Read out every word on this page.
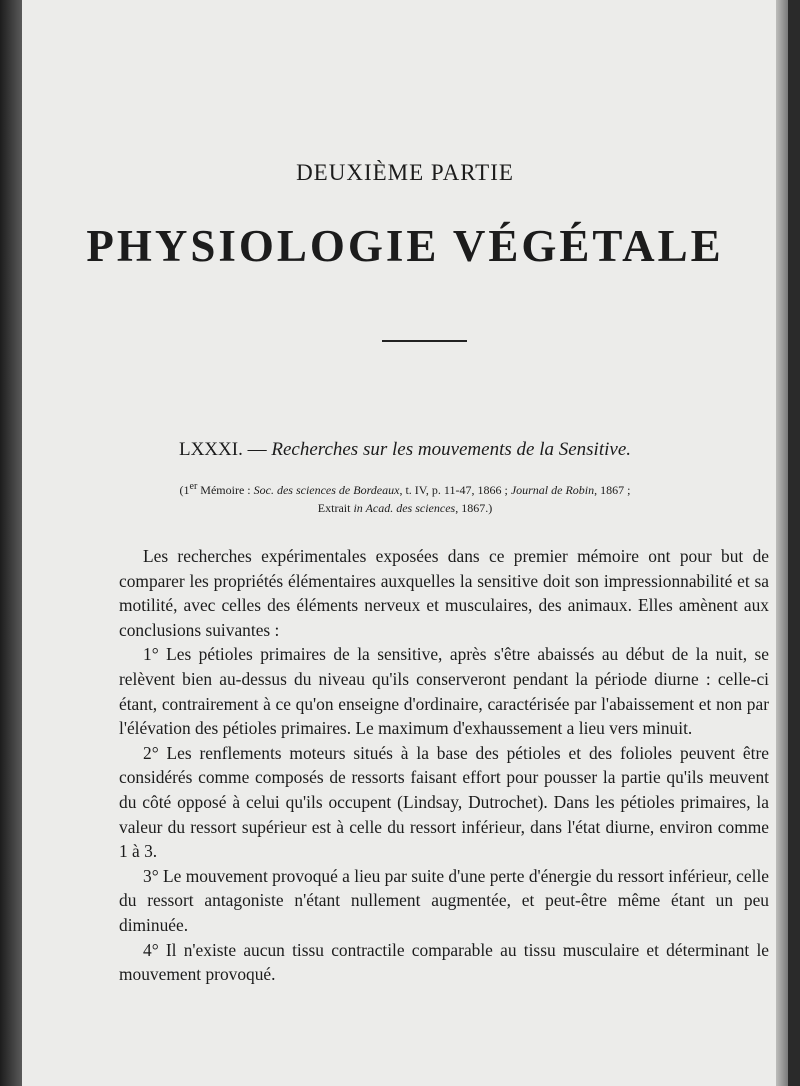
DEUXIÈME PARTIE
PHYSIOLOGIE VÉGÉTALE
LXXXI. — Recherches sur les mouvements de la Sensitive.
(1er Mémoire : Soc. des sciences de Bordeaux, t. IV, p. 11-47, 1866 ; Journal de Robin, 1867 ;
Extrait in Acad. des sciences, 1867.)

Les recherches expérimentales exposées dans ce premier mémoire ont pour but de comparer les propriétés élémentaires auxquelles la sensitive doit son impressionnabilité et sa motilité, avec celles des éléments nerveux et musculaires, des animaux. Elles amènent aux conclusions suivantes :

1° Les pétioles primaires de la sensitive, après s'être abaissés au début de la nuit, se relèvent bien au-dessus du niveau qu'ils conserveront pendant la période diurne : celle-ci étant, contrairement à ce qu'on enseigne d'ordinaire, caractérisée par l'abaissement et non par l'élévation des pétioles primaires. Le maximum d'exhaussement a lieu vers minuit.

2° Les renflements moteurs situés à la base des pétioles et des folioles peuvent être considérés comme composés de ressorts faisant effort pour pousser la partie qu'ils meuvent du côté opposé à celui qu'ils occupent (Lindsay, Dutrochet). Dans les pétioles primaires, la valeur du ressort supérieur est à celle du ressort inférieur, dans l'état diurne, environ comme 1 à 3.

3° Le mouvement provoqué a lieu par suite d'une perte d'énergie du ressort inférieur, celle du ressort antagoniste n'étant nullement augmentée, et peut-être même étant un peu diminuée.

4° Il n'existe aucun tissu contractile comparable au tissu musculaire et déterminant le mouvement provoqué.
